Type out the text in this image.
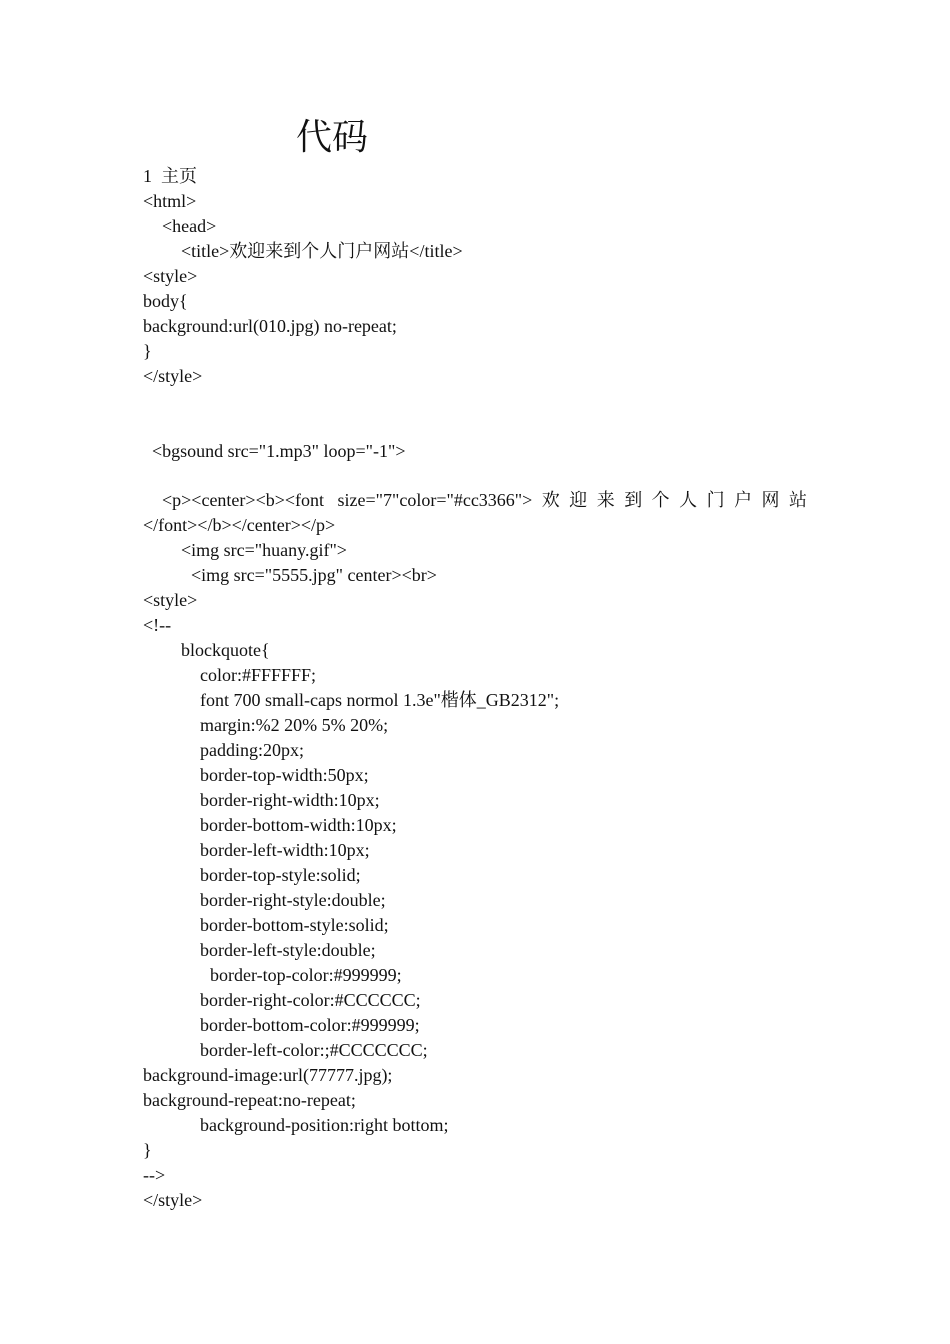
代码
1  主页
<html>
<head>
<title>欢迎来到个人门户网站</title>
<style>
body{
background:url(010.jpg) no-repeat;
}
</style>
<bgsound src="1.mp3" loop="-1">
<p><center><b><font   size="7"color="#cc3366"> 欢 迎 来 到 个 人 门 户 网 站
</font></b></center></p>
<img src="huany.gif">
<img src="5555.jpg" center><br>
<style>
<!--
blockquote{
color:#FFFFFF;
font 700 small-caps normol 1.3e"楷体_GB2312";
margin:%2 20% 5% 20%;
padding:20px;
border-top-width:50px;
border-right-width:10px;
border-bottom-width:10px;
border-left-width:10px;
border-top-style:solid;
border-right-style:double;
border-bottom-style:solid;
border-left-style:double;
border-top-color:#999999;
border-right-color:#CCCCCC;
border-bottom-color:#999999;
border-left-color:;#CCCCCCC;
background-image:url(77777.jpg);
background-repeat:no-repeat;
background-position:right bottom;
}
-->
</style>
